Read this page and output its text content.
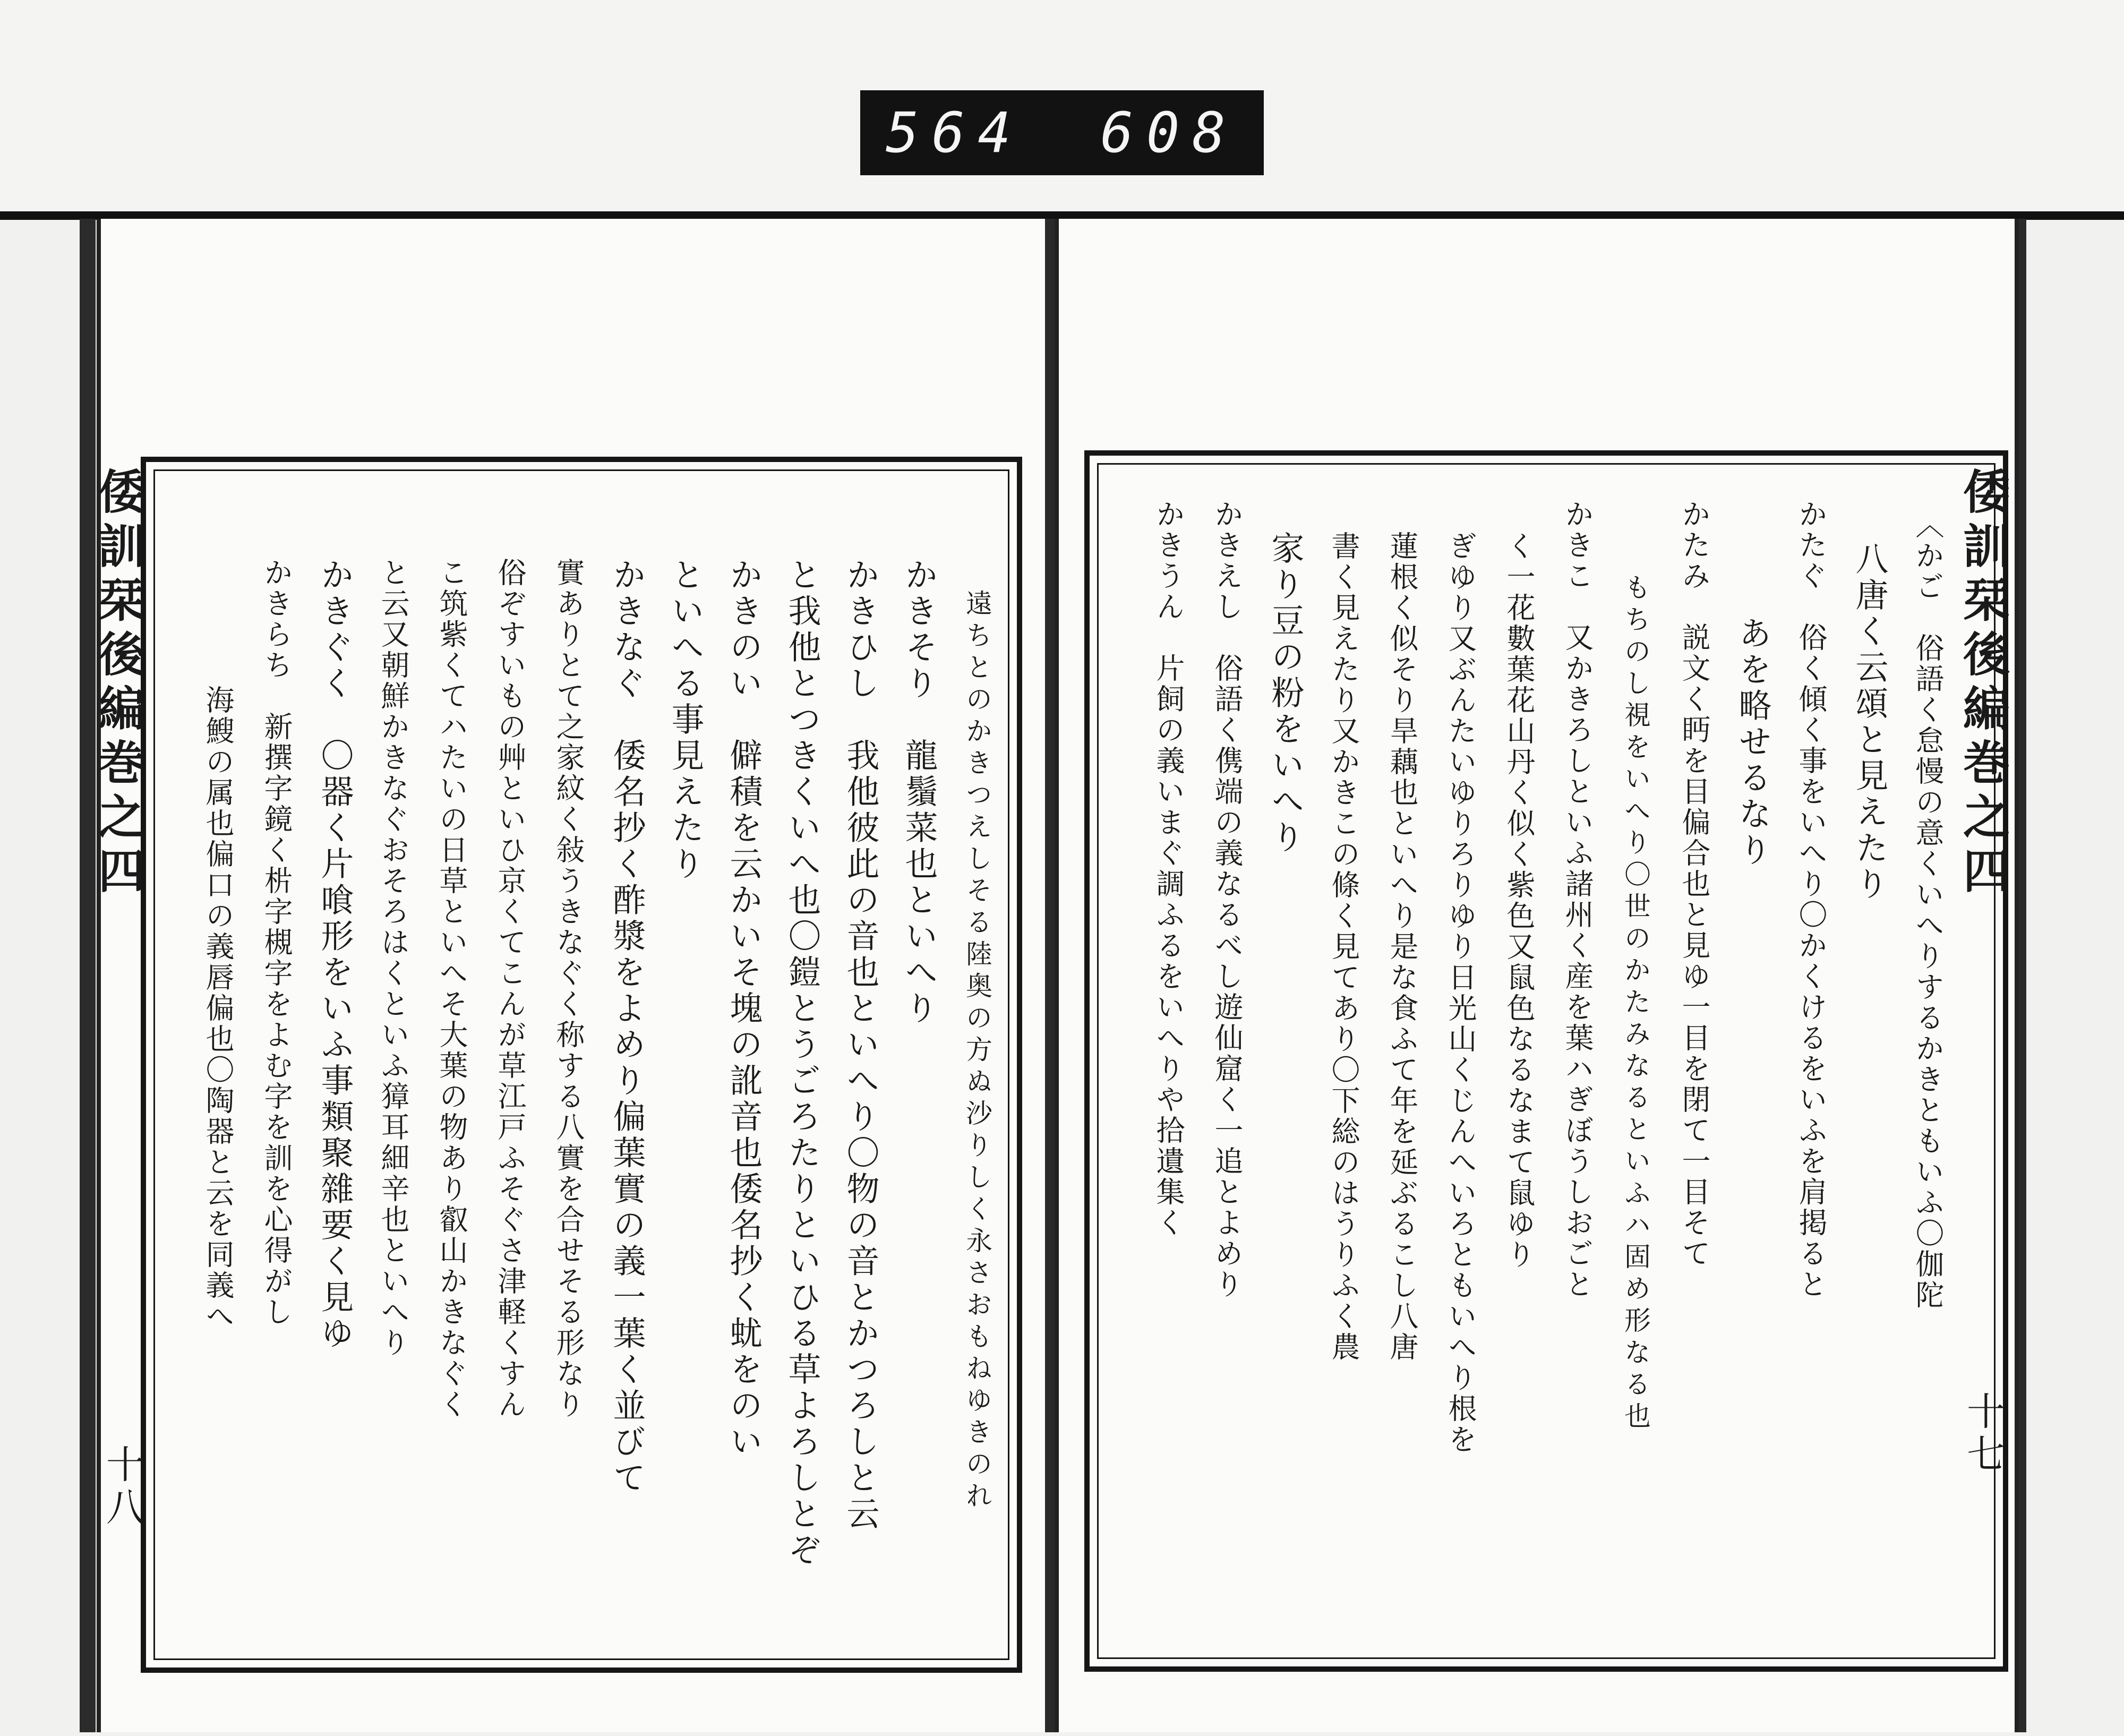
564 608
倭訓栞後編巻之四
十八
倭訓栞後編巻之四
十七
遠ちとのかきつえしそる陸奥の方ぬ沙りしく永さおもねゆきのれ
かきそり　龍鬚菜也といへり
かきひし　我他彼此の音也といへり〇物の音とかつろしと云
と我他とつきくいへ也〇鎧とうごろたりといひる草よろしとぞ
かきのい　僻積を云かいそ塊の訛音也倭名抄く蚘をのい
といへる事見えたり
かきなぐ　倭名抄く酢漿をよめり偏葉實の義一葉く並びて
實ありとて之家紋く敍うきなぐく称する八實を合せそる形なり
俗ぞすいもの艸といひ京くてこんが草江戸ふそぐさ津軽くすん
こ筑紫くてハたいの日草といへそ大葉の物あり叡山かきなぐく
と云又朝鮮かきなぐおそろはくといふ獐耳細辛也といへり
かきぐく　〇器く片喰形をいふ事類聚雜要く見ゆ
かきらち　新撰字鏡く㭊字槻字をよむ字を訓を心得がし
海䱸の属也偏口の義唇偏也〇陶器と云を同義へ	〈かご　俗語く怠慢の意くいへりするかきともいふ〇伽陀
八唐く云頌と見えたり
かたぐ　俗く傾く事をいへり〇かくけるをいふを肩掲ると
あを略せるなり
かたみ　説文く眄を目偏合也と見ゆ一目を閉て一目そて
もちのし視をいへり〇世のかたみなるといふハ固め形なる也
かきこ　又かきろしといふ諸州く産を葉ハぎぼうしおごと
く一花數葉花山丹く似く紫色又鼠色なるなまて鼠ゆり
ぎゆり又ぶんたいゆりろりゆり日光山くじんへいろともいへり根を
蓮根く似そり旱藕也といへり是な食ふて年を延ぶるこし八唐
書く見えたり又かきこの條く見てあり〇下総のはうりふく農
家り豆の粉をいへり
かきえし　俗語く㑺端の義なるべし遊仙窟く一追とよめり
かきうん　片飼の義いまぐ調ふるをいへりや拾遺集く
